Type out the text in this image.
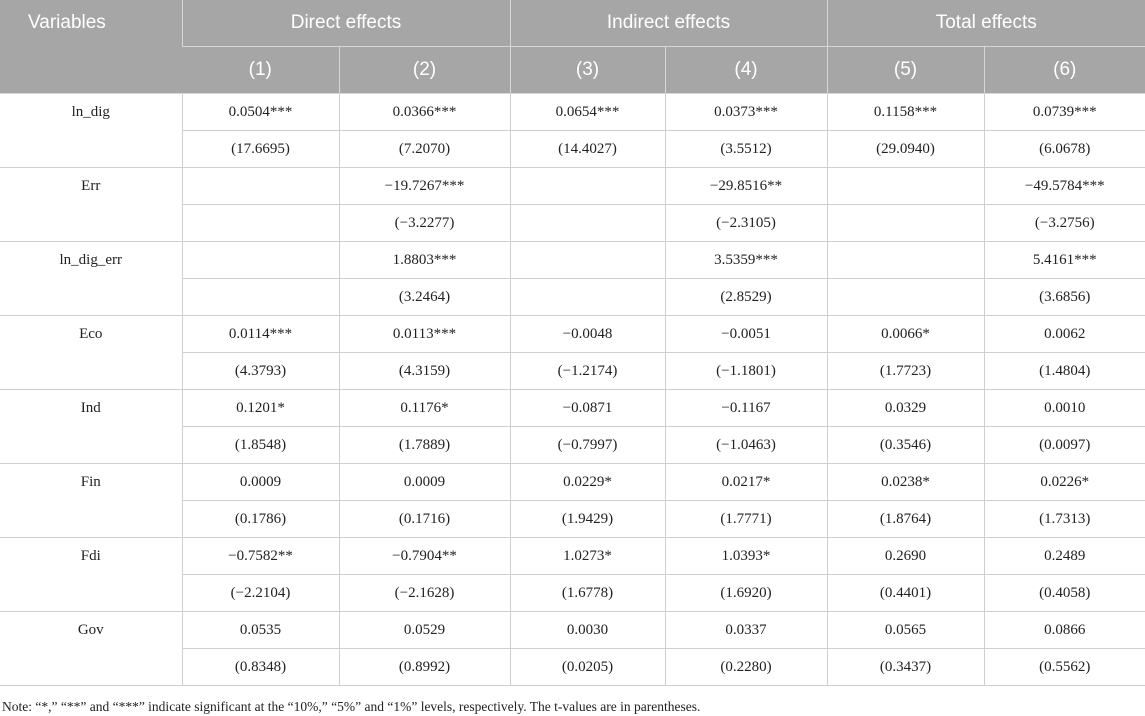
Variables	Direct effects		Indirect effects		Total effects	
	(1)	(2)	(3)	(4)	(5)	(6)
ln_dig	0.0504***	0.0366***	0.0654***	0.0373***	0.1158***	0.0739***
	(17.6695)	(7.2070)	(14.4027)	(3.5512)	(29.0940)	(6.0678)
Err		−19.7267***		−29.8516**		−49.5784***
		(−3.2277)		(−2.3105)		(−3.2756)
ln_dig_err		1.8803***		3.5359***		5.4161***
		(3.2464)		(2.8529)		(3.6856)
Eco	0.0114***	0.0113***	−0.0048	−0.0051	0.0066*	0.0062
	(4.3793)	(4.3159)	(−1.2174)	(−1.1801)	(1.7723)	(1.4804)
Ind	0.1201*	0.1176*	−0.0871	−0.1167	0.0329	0.0010
	(1.8548)	(1.7889)	(−0.7997)	(−1.0463)	(0.3546)	(0.0097)
Fin	0.0009	0.0009	0.0229*	0.0217*	0.0238*	0.0226*
	(0.1786)	(0.1716)	(1.9429)	(1.7771)	(1.8764)	(1.7313)
Fdi	−0.7582**	−0.7904**	1.0273*	1.0393*	0.2690	0.2489
	(−2.2104)	(−2.1628)	(1.6778)	(1.6920)	(0.4401)	(0.4058)
Gov	0.0535	0.0529	0.0030	0.0337	0.0565	0.0866
	(0.8348)	(0.8992)	(0.0205)	(0.2280)	(0.3437)	(0.5562)
Note: “*,” “**” and “***” indicate significant at the “10%,” “5%” and “1%” levels, respectively. The t-values are in parentheses.
